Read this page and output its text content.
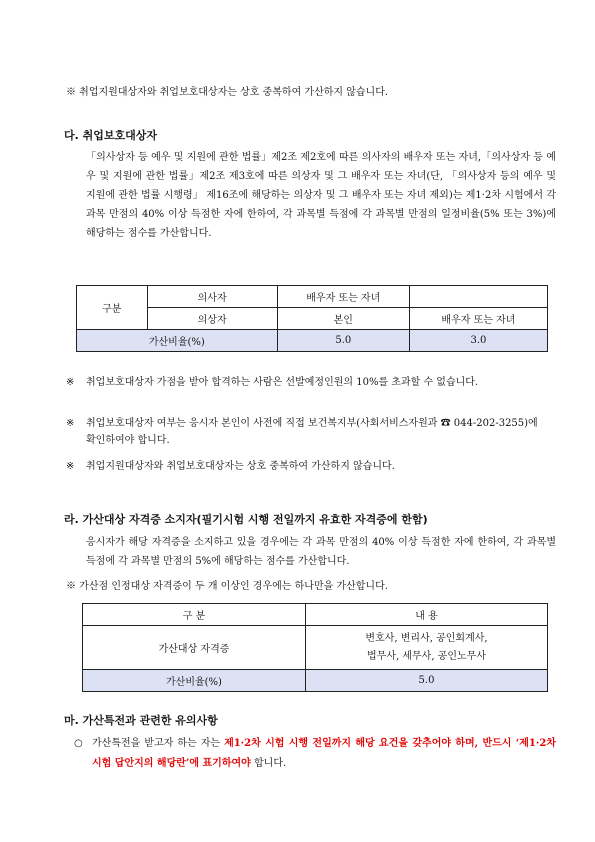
※ 취업지원대상자와 취업보호대상자는 상호 중복하여 가산하지 않습니다.
다. 취업보호대상자
「의사상자 등 예우 및 지원에 관한 법률」제2조 제2호에 따른 의사자의 배우자 또는 자녀,「의사상자 등 예우 및 지원에 관한 법률」제2조 제3호에 따른 의상자 및 그 배우자 또는 자녀(단, 「의사상자 등의 예우 및 지원에 관한 법률 시행령」 제16조에 해당하는 의상자 및 그 배우자 또는 자녀 제외)는 제1·2차 시험에서 각 과목 만점의 40% 이상 득점한 자에 한하여, 각 과목별 득점에 각 과목별 만점의 일정비율(5% 또는 3%)에 해당하는 점수를 가산합니다.
구분	의사자	배우자 또는 자녀	
	의상자	본인	배우자 또는 자녀
가산비율(%)		5.0	3.0
※	취업보호대상자 가점을 받아 합격하는 사람은 선발예정인원의 10%를 초과할 수 없습니다.
※	취업보호대상자 여부는 응시자 본인이 사전에 직접 보건복지부(사회서비스자원과 ☎ 044-202-3255)에 확인하여야 합니다.
※	취업지원대상자와 취업보호대상자는 상호 중복하여 가산하지 않습니다.
라. 가산대상 자격증 소지자(필기시험 시행 전일까지 유효한 자격증에 한함)
응시자가 해당 자격증을 소지하고 있을 경우에는 각 과목 만점의 40% 이상 득점한 자에 한하여, 각 과목별 득점에 각 과목별 만점의 5%에 해당하는 점수를 가산합니다.
※ 가산점 인정대상 자격증이 두 개 이상인 경우에는 하나만을 가산합니다.
구 분	내 용
가산대상 자격증	변호사, 변리사, 공인회계사,
법무사, 세무사, 공인노무사

가산비율(%)	5.0
마. 가산특전과 관련한 유의사항
○ 가산특전을 받고자 하는 자는 제1·2차 시험 시행 전일까지 해당 요건을 갖추어야 하며, 반드시 ‘제1·2차 시험 답안지의 해당란’에 표기하여야 합니다.
